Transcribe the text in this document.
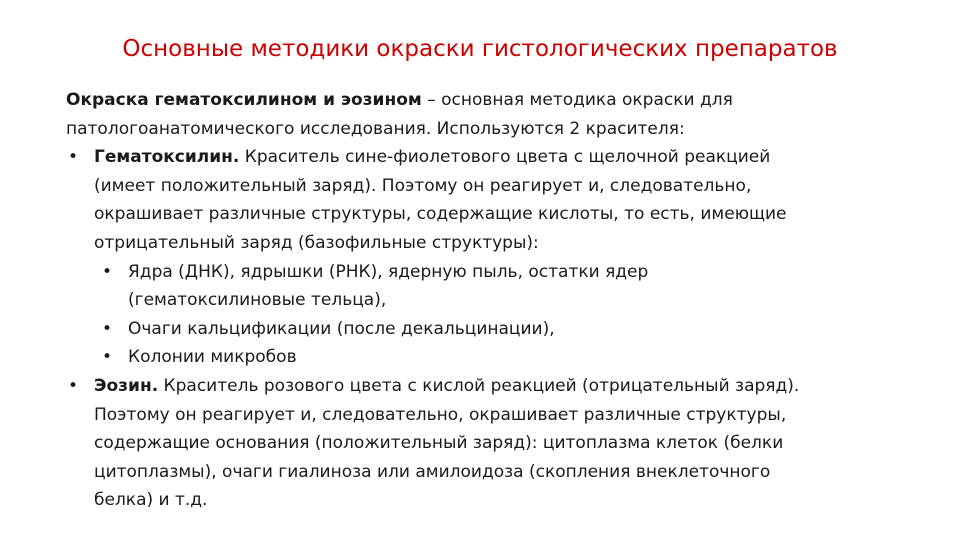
Основные методики окраски гистологических препаратов
Окраска гематоксилином и эозином – основная методика окраски для
патологоанатомического исследования. Используются 2 красителя:
• Гематоксилин. Краситель сине-фиолетового цвета с щелочной реакцией
(имеет положительный заряд). Поэтому он реагирует и, следовательно,
окрашивает различные структуры, содержащие кислоты, то есть, имеющие
отрицательный заряд (базофильные структуры):
• Ядра (ДНК), ядрышки (РНК), ядерную пыль, остатки ядер
(гематоксилиновые тельца),
• Очаги кальцификации (после декальцинации),
• Колонии микробов
• Эозин. Краситель розового цвета с кислой реакцией (отрицательный заряд).
Поэтому он реагирует и, следовательно, окрашивает различные структуры,
содержащие основания (положительный заряд): цитоплазма клеток (белки
цитоплазмы), очаги гиалиноза или амилоидоза (скопления внеклеточного
белка) и т.д.
